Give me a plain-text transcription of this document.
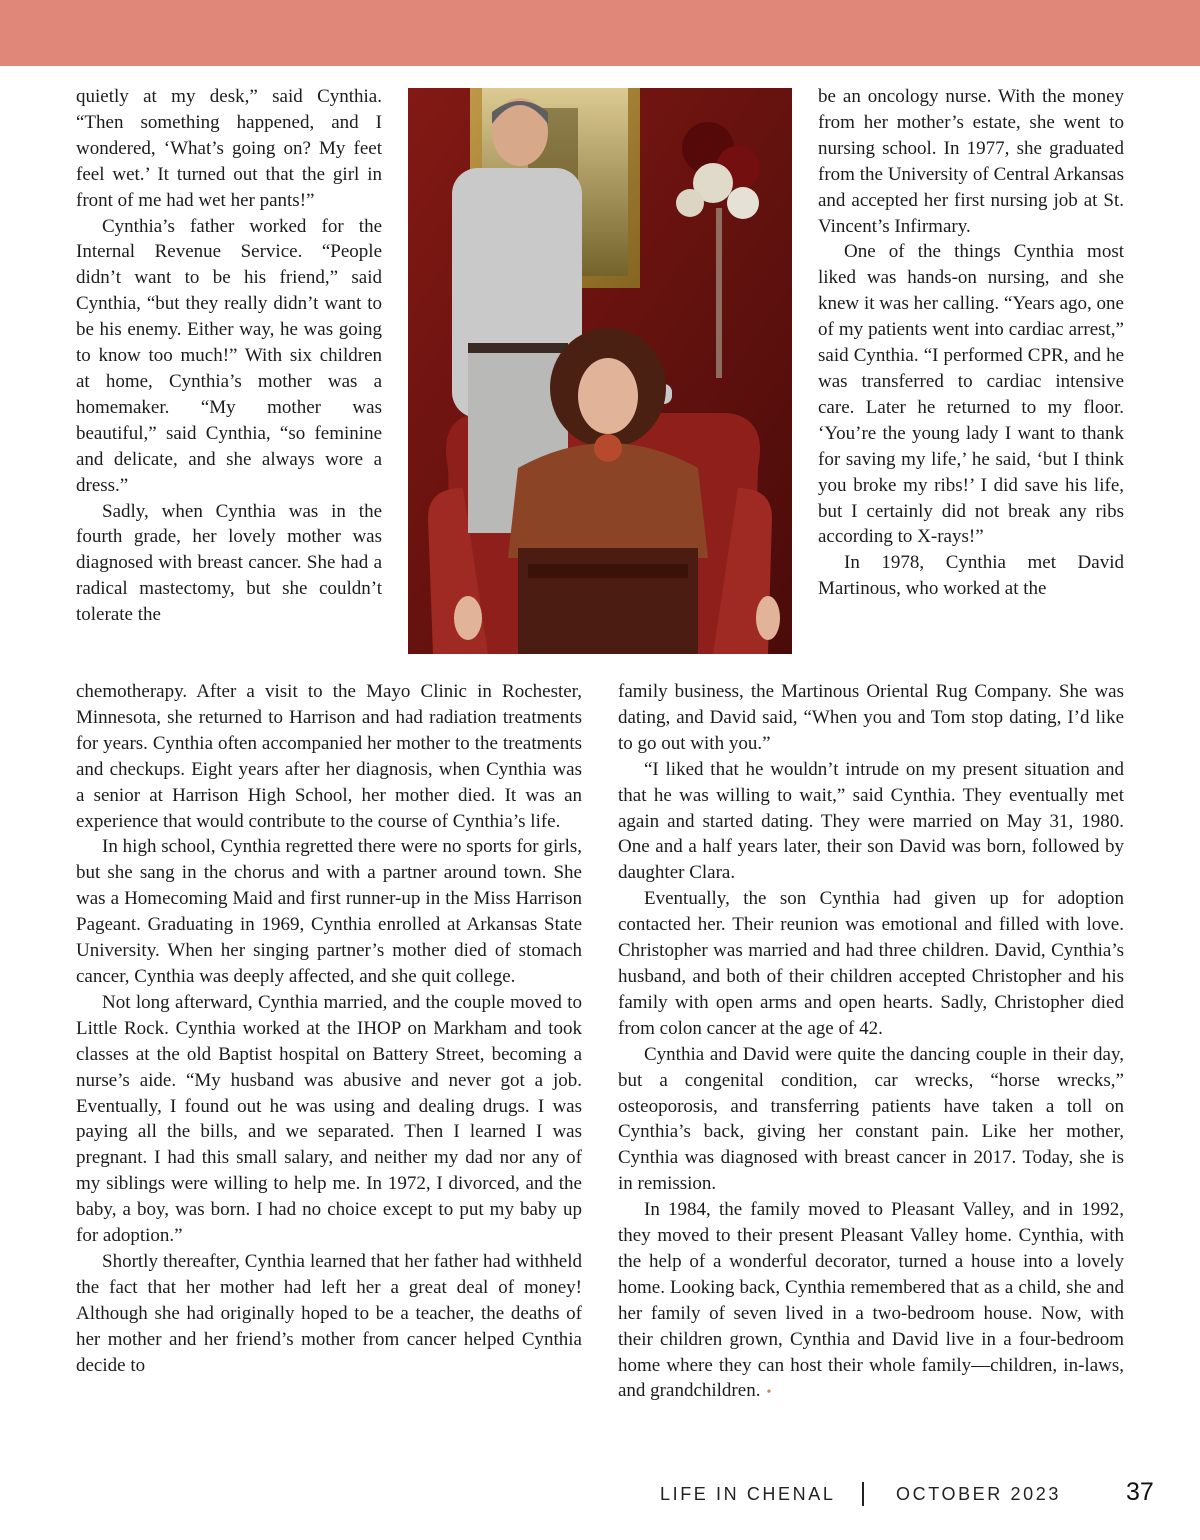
quietly at my desk,” said Cynthia. “Then something happened, and I wondered, ‘What’s going on? My feet feel wet.’ It turned out that the girl in front of me had wet her pants!”

Cynthia’s father worked for the Internal Revenue Service. “People didn’t want to be his friend,” said Cynthia, “but they really didn’t want to be his enemy. Either way, he was going to know too much!” With six children at home, Cynthia’s mother was a homemaker. “My mother was beautiful,” said Cynthia, “so feminine and delicate, and she always wore a dress.”

Sadly, when Cynthia was in the fourth grade, her lovely mother was diagnosed with breast cancer. She had a radical mastectomy, but she couldn’t tolerate the

be an oncology nurse. With the money from her mother’s estate, she went to nursing school. In 1977, she graduated from the University of Central Arkansas and accepted her first nursing job at St. Vincent’s Infirmary.

One of the things Cynthia most liked was hands-on nursing, and she knew it was her calling. “Years ago, one of my patients went into cardiac arrest,” said Cynthia. “I performed CPR, and he was transferred to cardiac intensive care. Later he returned to my floor. ‘You’re the young lady I want to thank for saving my life,’ he said, ‘but I think you broke my ribs!’ I did save his life, but I certainly did not break any ribs according to X-rays!”

In 1978, Cynthia met David Martinous, who worked at the

chemotherapy. After a visit to the Mayo Clinic in Rochester, Minnesota, she returned to Harrison and had radiation treatments for years. Cynthia often accompanied her mother to the treatments and checkups. Eight years after her diagnosis, when Cynthia was a senior at Harrison High School, her mother died. It was an experience that would contribute to the course of Cynthia’s life.

In high school, Cynthia regretted there were no sports for girls, but she sang in the chorus and with a partner around town. She was a Homecoming Maid and first runner-up in the Miss Harrison Pageant. Graduating in 1969, Cynthia enrolled at Arkansas State University. When her singing partner’s mother died of stomach cancer, Cynthia was deeply affected, and she quit college.

Not long afterward, Cynthia married, and the couple moved to Little Rock. Cynthia worked at the IHOP on Markham and took classes at the old Baptist hospital on Battery Street, becoming a nurse’s aide. “My husband was abusive and never got a job. Eventually, I found out he was using and dealing drugs. I was paying all the bills, and we separated. Then I learned I was pregnant. I had this small salary, and neither my dad nor any of my siblings were willing to help me. In 1972, I divorced, and the baby, a boy, was born. I had no choice except to put my baby up for adoption.”

Shortly thereafter, Cynthia learned that her father had withheld the fact that her mother had left her a great deal of money! Although she had originally hoped to be a teacher, the deaths of her mother and her friend’s mother from cancer helped Cynthia decide to

family business, the Martinous Oriental Rug Company. She was dating, and David said, “When you and Tom stop dating, I’d like to go out with you.”

“I liked that he wouldn’t intrude on my present situation and that he was willing to wait,” said Cynthia. They eventually met again and started dating. They were married on May 31, 1980. One and a half years later, their son David was born, followed by daughter Clara.

Eventually, the son Cynthia had given up for adoption contacted her. Their reunion was emotional and filled with love. Christopher was married and had three children. David, Cynthia’s husband, and both of their children accepted Christopher and his family with open arms and open hearts. Sadly, Christopher died from colon cancer at the age of 42.

Cynthia and David were quite the dancing couple in their day, but a congenital condition, car wrecks, “horse wrecks,” osteoporosis, and transferring patients have taken a toll on Cynthia’s back, giving her constant pain. Like her mother, Cynthia was diagnosed with breast cancer in 2017. Today, she is in remission.

In 1984, the family moved to Pleasant Valley, and in 1992, they moved to their present Pleasant Valley home. Cynthia, with the help of a wonderful decorator, turned a house into a lovely home. Looking back, Cynthia remembered that as a child, she and her family of seven lived in a two-bedroom house. Now, with their children grown, Cynthia and David live in a four-bedroom home where they can host their whole family—children, in-laws, and grandchildren. •

LIFE IN CHENAL	OCTOBER 2023	37
